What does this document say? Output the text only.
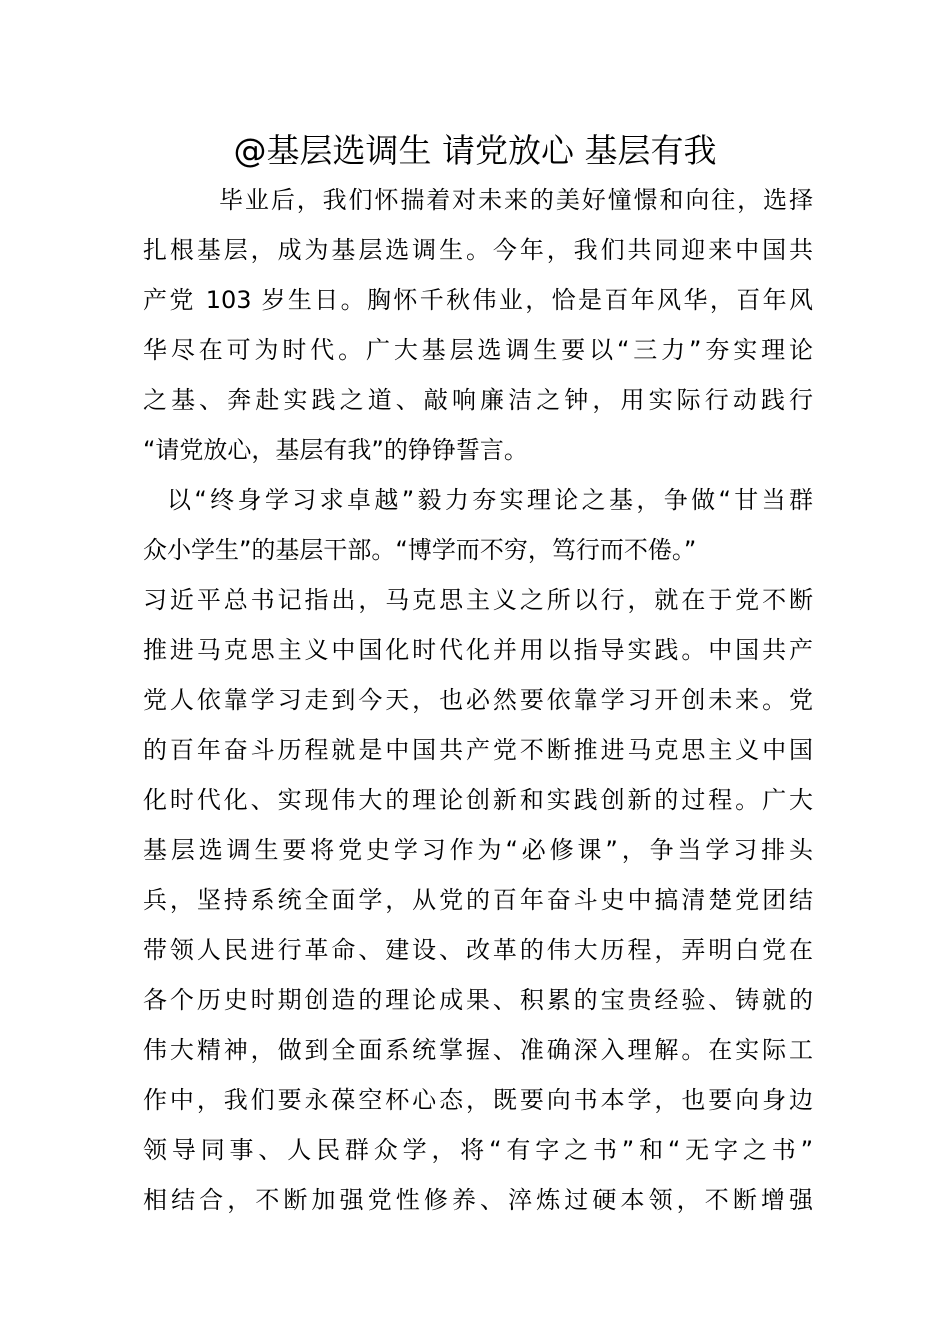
@基层选调生 请党放心 基层有我
毕业后，我们怀揣着对未来的美好憧憬和向往，选择
扎根基层，成为基层选调生。今年，我们共同迎来中国共
产党 103 岁生日。胸怀千秋伟业，恰是百年风华，百年风
华尽在可为时代。广大基层选调生要以“三力”夯实理论
之基、奔赴实践之道、敲响廉洁之钟，用实际行动践行
“请党放心，基层有我”的铮铮誓言。
以“终身学习求卓越”毅力夯实理论之基，争做“甘当群
众小学生”的基层干部。“博学而不穷，笃行而不倦。”
习近平总书记指出，马克思主义之所以行，就在于党不断
推进马克思主义中国化时代化并用以指导实践。中国共产
党人依靠学习走到今天，也必然要依靠学习开创未来。党
的百年奋斗历程就是中国共产党不断推进马克思主义中国
化时代化、实现伟大的理论创新和实践创新的过程。广大
基层选调生要将党史学习作为“必修课”，争当学习排头
兵，坚持系统全面学，从党的百年奋斗史中搞清楚党团结
带领人民进行革命、建设、改革的伟大历程，弄明白党在
各个历史时期创造的理论成果、积累的宝贵经验、铸就的
伟大精神，做到全面系统掌握、准确深入理解。在实际工
作中，我们要永葆空杯心态，既要向书本学，也要向身边
领导同事、人民群众学，将“有字之书”和“无字之书”
相结合，不断加强党性修养、淬炼过硬本领，不断增强
